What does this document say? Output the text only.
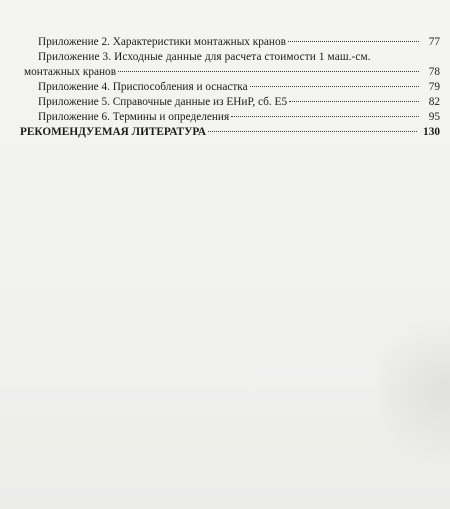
Приложение 2. Характеристики монтажных кранов	77
Приложение 3. Исходные данные для расчета стоимости 1 маш.-см.
монтажных кранов	78
Приложение 4. Приспособления и оснастка	79
Приложение 5. Справочные данные из ЕНиР, сб. Е5	82
Приложение 6. Термины и определения	95
РЕКОМЕНДУЕМАЯ ЛИТЕРАТУРА	130
